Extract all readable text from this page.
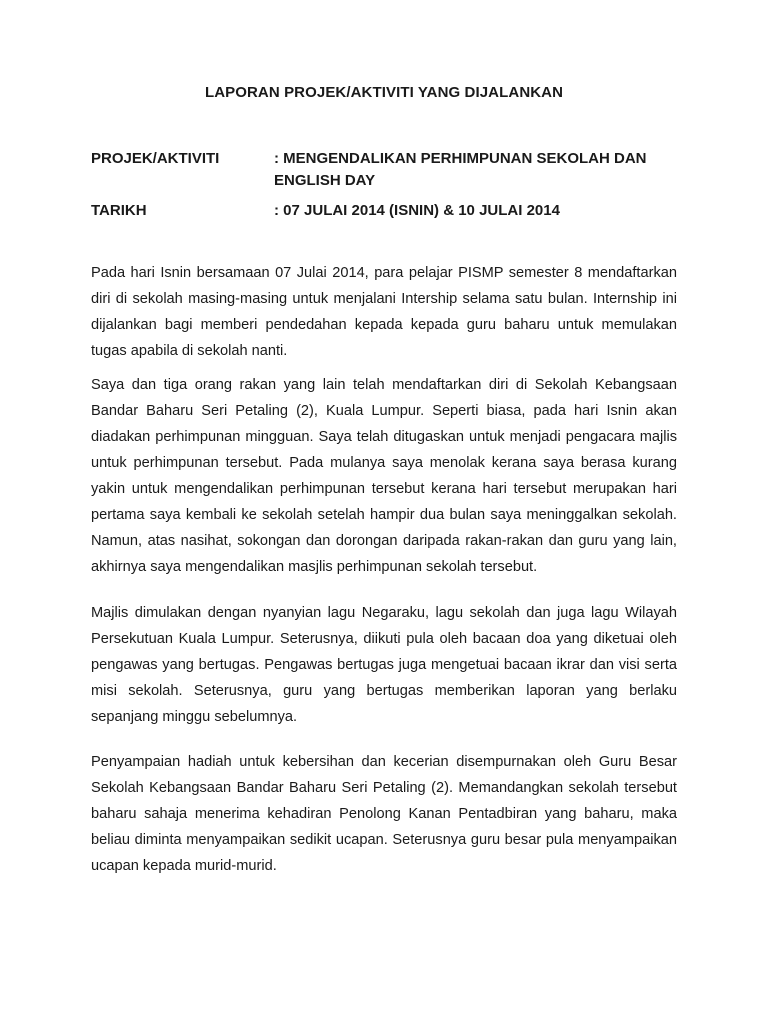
LAPORAN PROJEK/AKTIVITI YANG DIJALANKAN
PROJEK/AKTIVITI	: MENGENDALIKAN PERHIMPUNAN SEKOLAH DAN ENGLISH DAY
TARIKH	: 07 JULAI 2014 (ISNIN) & 10 JULAI 2014

Pada hari Isnin bersamaan 07 Julai 2014, para pelajar PISMP semester 8 mendaftarkan diri di sekolah masing-masing untuk menjalani Intership selama satu bulan. Internship ini dijalankan bagi memberi pendedahan kepada kepada guru baharu untuk memulakan tugas apabila di sekolah nanti.

Saya dan tiga orang rakan yang lain telah mendaftarkan diri di Sekolah Kebangsaan Bandar Baharu Seri Petaling (2), Kuala Lumpur. Seperti biasa, pada hari Isnin akan diadakan perhimpunan mingguan. Saya telah ditugaskan untuk menjadi pengacara majlis untuk perhimpunan tersebut. Pada mulanya saya menolak kerana saya berasa kurang yakin untuk mengendalikan perhimpunan tersebut kerana hari tersebut merupakan hari pertama saya kembali ke sekolah setelah hampir dua bulan saya meninggalkan sekolah. Namun, atas nasihat, sokongan dan dorongan daripada rakan-rakan dan guru yang lain, akhirnya saya mengendalikan masjlis perhimpunan sekolah tersebut.

Majlis dimulakan dengan nyanyian lagu Negaraku, lagu sekolah dan juga lagu Wilayah Persekutuan Kuala Lumpur. Seterusnya, diikuti pula oleh bacaan doa yang diketuai oleh pengawas yang bertugas. Pengawas bertugas juga mengetuai bacaan ikrar dan visi serta misi sekolah. Seterusnya, guru yang bertugas memberikan laporan yang berlaku sepanjang minggu sebelumnya.

Penyampaian hadiah untuk kebersihan dan kecerian disempurnakan oleh Guru Besar Sekolah Kebangsaan Bandar Baharu Seri Petaling (2). Memandangkan sekolah tersebut baharu sahaja menerima kehadiran Penolong Kanan Pentadbiran yang baharu, maka beliau diminta menyampaikan sedikit ucapan. Seterusnya guru besar pula menyampaikan ucapan kepada murid-murid.
